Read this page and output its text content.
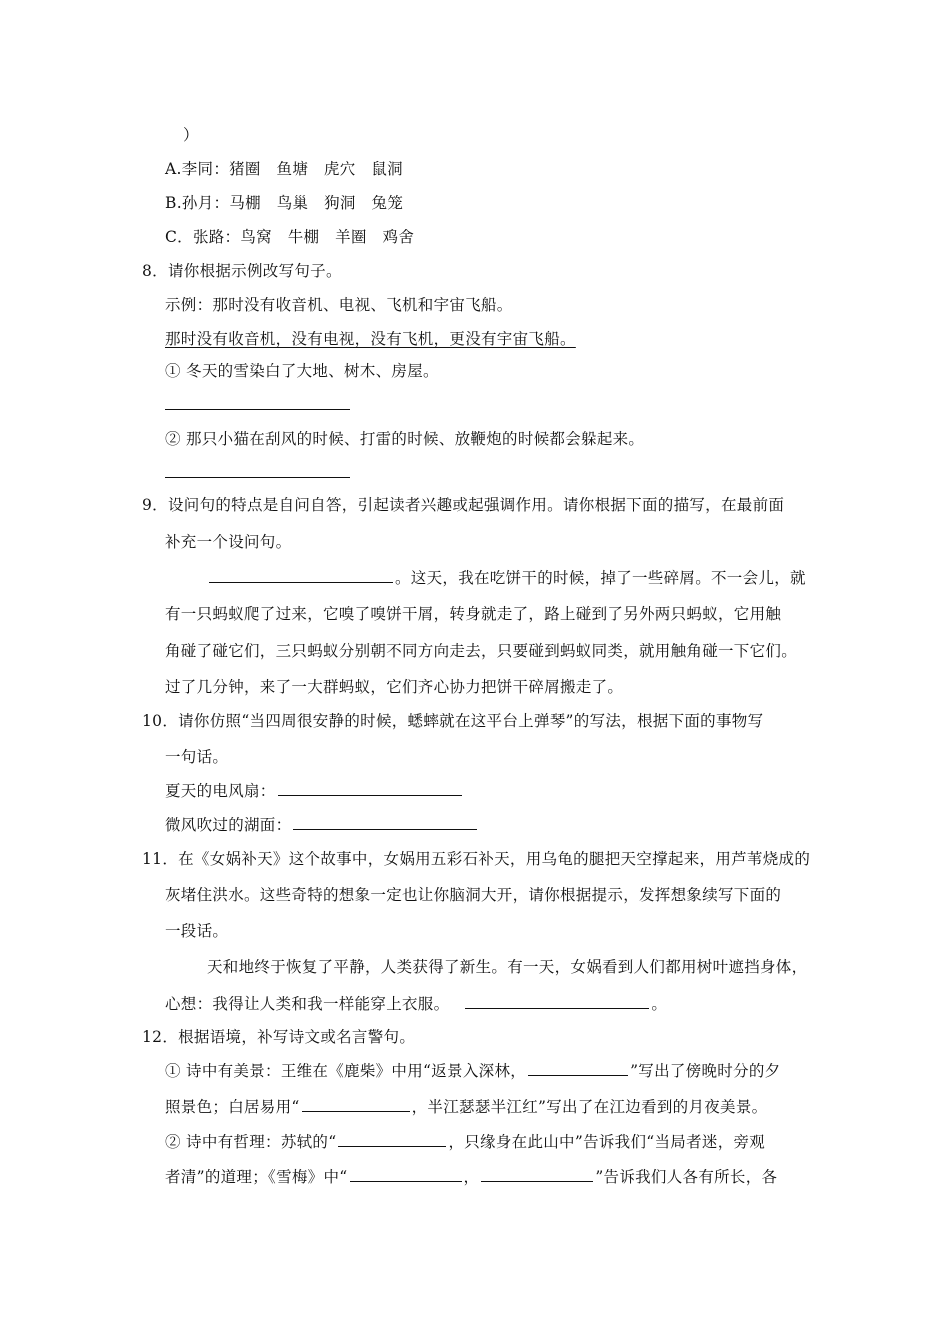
）
A.李同：猪圈　鱼塘　虎穴　鼠洞
B.孙月：马棚　鸟巢　狗洞　兔笼
C．张路：鸟窝　牛棚　羊圈　鸡舍
8．请你根据示例改写句子。
示例：那时没有收音机、电视、飞机和宇宙飞船。
那时没有收音机，没有电视，没有飞机，更没有宇宙飞船。
① 冬天的雪染白了大地、树木、房屋。
② 那只小猫在刮风的时候、打雷的时候、放鞭炮的时候都会躲起来。
9．设问句的特点是自问自答，引起读者兴趣或起强调作用。请你根据下面的描写，在最前面
补充一个设问句。
。这天，我在吃饼干的时候，掉了一些碎屑。不一会儿，就
有一只蚂蚁爬了过来，它嗅了嗅饼干屑，转身就走了，路上碰到了另外两只蚂蚁，它用触
角碰了碰它们，三只蚂蚁分别朝不同方向走去，只要碰到蚂蚁同类，就用触角碰一下它们。
过了几分钟，来了一大群蚂蚁，它们齐心协力把饼干碎屑搬走了。
10．请你仿照“当四周很安静的时候，蟋蟀就在这平台上弹琴”的写法，根据下面的事物写
一句话。
夏天的电风扇：
微风吹过的湖面：
11．在《女娲补天》这个故事中，女娲用五彩石补天，用乌龟的腿把天空撑起来，用芦苇烧成的
灰堵住洪水。这些奇特的想象一定也让你脑洞大开，请你根据提示，发挥想象续写下面的
一段话。
天和地终于恢复了平静，人类获得了新生。有一天，女娲看到人们都用树叶遮挡身体，
心想：我得让人类和我一样能穿上衣服。	。
12．根据语境，补写诗文或名言警句。
① 诗中有美景：王维在《鹿柴》中用“返景入深林，	”写出了傍晚时分的夕
照景色；白居易用“	，半江瑟瑟半江红”写出了在江边看到的月夜美景。
② 诗中有哲理：苏轼的“	，只缘身在此山中”告诉我们“当局者迷，旁观
者清”的道理；《雪梅》中“	，	”告诉我们人各有所长，各
